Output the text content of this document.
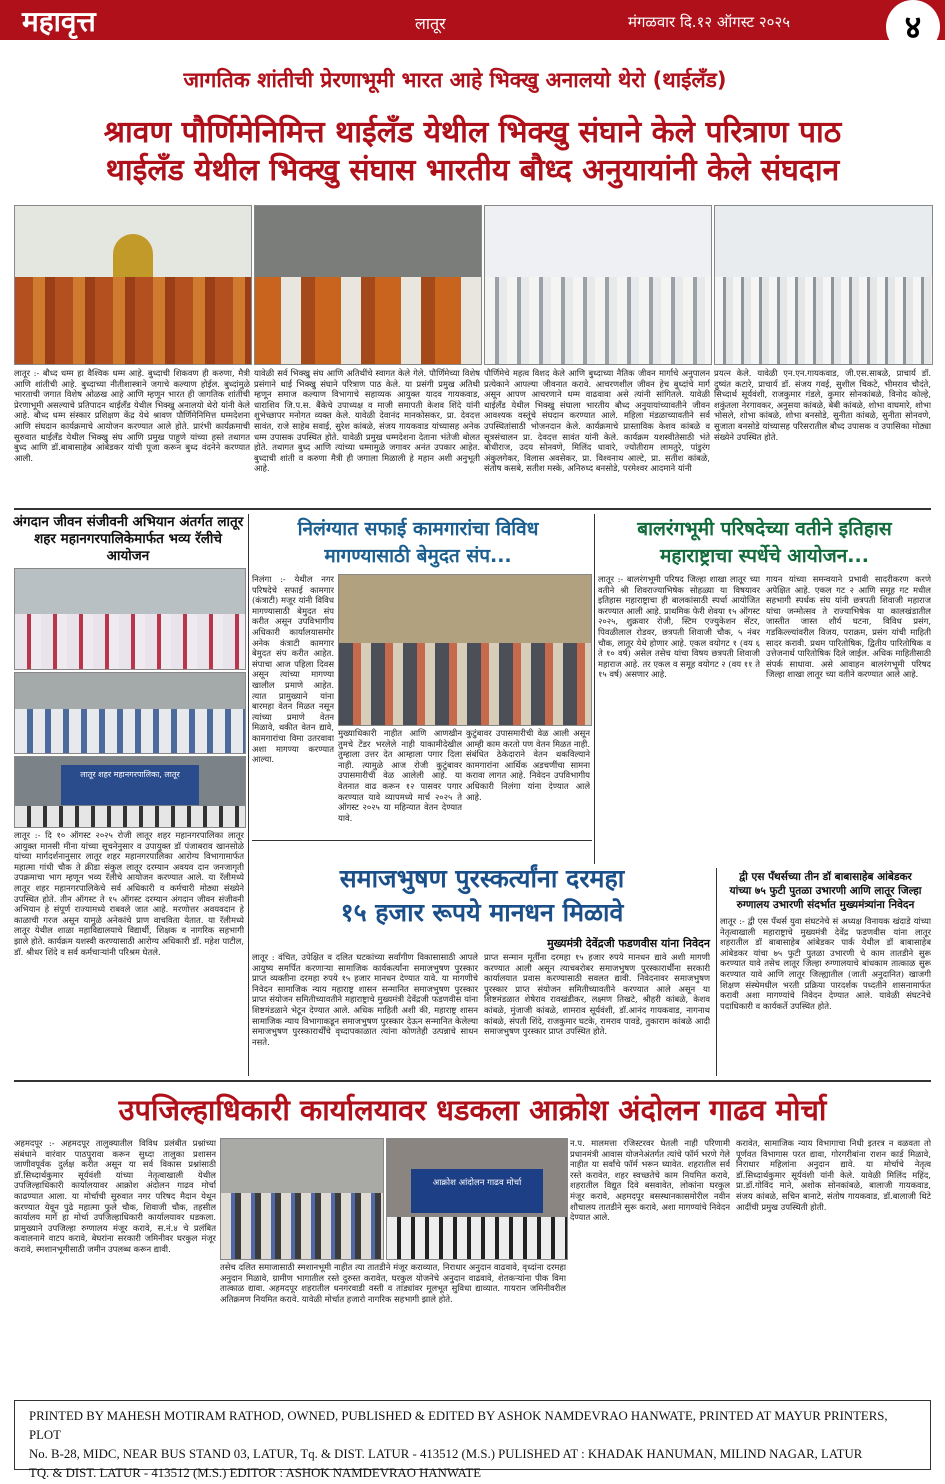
महावृत्त	लातूर	मंगळवार दि.१२ ऑगस्ट २०२५	४
जागतिक शांतीची प्रेरणाभूमी भारत आहे भिक्खु अनालयो थेरो (थाईलँड)
श्रावण पौर्णिमेनिमित्त थाईलँड येथील भिक्खु संघाने केले परित्राण पाठ
थाईलँड येथील भिक्खु संघास भारतीय बौध्द अनुयायांनी केले संघदान
लातूर :- बौध्द धम्म हा वैश्विक धम्म आहे. बुध्दाची शिकवण ही करुणा, मैत्री आणि शांतीची आहे. बुध्दाच्या नीतीशास्त्राने जगाचे कल्याण होईल. बुध्दांमुळे भारताची जगात विशेष ओळख आहे आणि म्हणून भारत ही जागतिक शांतीची प्रेरणाभूमी असल्याचे प्रतिपादन थाईलँड येथील भिक्खु अनालयो थेरो यांनी केले आहे. बौध्द धम्म संस्कार प्रशिक्षण केंद्र येथे श्रावण पौर्णिमेनिमित्त धम्मदेशना आणि संघदान कार्यक्रमाचे आयोजन करण्यात आले होते. प्रारंभी कार्यक्रमाची सुरुवात थाईलँड येथील भिक्खु संघ आणि प्रमुख पाहुणे यांच्या हस्ते तथागत बुध्द आणि डॉ.बाबासाहेब आंबेडकर यांची पूजा करून बुध्द वंदनेने करण्यात आली.
यावेळी सर्व भिक्खु संघ आणि अतिथींचे स्वागत केले गेले. पौर्णिमेच्या विशेष प्रसंगाने थाई भिक्खु संघाने परित्राण पाठ केले. या प्रसंगी प्रमुख अतिथी म्हणून समाज कल्याण विभागाचे सहाय्यक आयुक्त यादव गायकवाड, धाराशिव जि.प.स. बैंकेचे उपाध्यक्ष व माजी समापती केशव शिंदे यांनी शुभेच्छापर मनोगत व्यक्त केले. यावेळी देवानंद मानकोसकर, प्रा. देवदत्त सावंत, राजे साहेब सवाई, सुरेश कांबळे, संजय गायकवाड यांच्यासह अनेक धम्म उपासक उपस्थित होते. यावेळी प्रमुख धम्मदेशना देताना भंतेजी बोलत होते. तथागत बुध्द आणि त्यांच्या धम्मामुळे जगावर अनंत उपकार आहेत. बुध्दाची शांती व करुणा मैत्री ही जगाला मिळाली हे महान अशी अनुभूती आहे.
पौर्णिमेचे महत्व विशद केले आणि बुध्दाच्या नैतिक जीवन मार्गाचे अनुपालन प्रत्येकाने आपल्या जीवनात करावे. आचरणशील जीवन हेच बुध्दांचे मार्ग असून आपण आचरणाने धम्म वाढवावा असे त्यांनी सांगितले. यावेळी थाईलँड येथील भिक्खु संघाला भारतीय बौध्द अनुयायांच्यावतीने जीवन आवश्यक वस्तूंचे संघदान करण्यात आले. महिला मंडळाच्यावतीने सर्व उपस्थितांसाठी भोजनदान केले. कार्यक्रमाचे प्रास्ताविक केशव कांबळे व सूत्रसंचालन प्रा. देवदत्त सावंत यांनी केले. कार्यक्रम यशस्वीतेसाठी भंते बोधीराज, उदय सोनवणे, मिलिंद धावारे, ज्योतीराम लामतुरे, पांडुरंग अंकुलगेकर, विलास अवसेकर, प्रा. विश्वनाथ आल्टे, प्रा. सतीश कांबळे, संतोष कसबे, सतीश मस्के, अनिरुध्द बनसोडे, परमेश्वर आदमाने यांनी
प्रयत्न केले. यावेळी एन.एन.गायकवाड, जी.एस.साबळे, प्राचार्य डॉ. दुष्यंत कटारे, प्राचार्य डॉ. संजय गवई, सुशील चिकटे, भीमराव चौदंते, सिध्दार्थ सूर्यवंशी, राजकुमार गंडले, कुमार सोनकांबळे, विनोद कोल्हे, शकुंतला नेरगावकर, अनुसया कांबळे, बेबी कांबळे, शोभा वाघमारे, शोभा भोसले, शोभा कांबळे, शोभा बनसोडे, सुनीता कांबळे, सुनीता सोनवणे, सुजाता बनसोडे यांच्यासह परिसरातील बौध्द उपासक व उपासिका मोठ्या संख्येने उपस्थित होते.
अंगदान जीवन संजीवनी अभियान अंतर्गत लातूर शहर महानगरपालिकेमार्फत भव्य रॅलीचे आयोजन
लातूर शहर महानगरपालिका, लातूर
लातूर :- दि १० ऑगस्ट २०२५ रोजी लातूर शहर महानगरपालिका लातूर आयुक्त मानसी मीना यांच्या सूचनेनुसार व उपायुक्त डॉ पंजाबराव खानसोळे यांच्या मार्गदर्शनानुसार लातूर शहर महानगरपालिका आरोग्य विभागामार्फत महात्मा गांधी चौक ते क्रीडा संकुल लातूर दरम्यान अवयव दान जनजागृती उपक्रमाचा भाग म्हणून भव्य रॅलीचे आयोजन करण्यात आले. या रॅलीमध्ये लातूर शहर महानगरपालिकेचे सर्व अधिकारी व कर्मचारी मोठ्या संख्येने उपस्थित होते. तीन ऑगस्ट ते १५ ऑगस्ट दरम्यान अंगदान जीवन संजीवनी अभियान हे संपूर्ण राज्यामध्ये राबवले जात आहे. मरणोत्तर अवयवदान हे काळाची गरज असून यामुळे अनेकांचे प्राण वाचविता येतात. या रॅलीमध्ये लातूर येथील शाळा महाविद्यालयाचे विद्यार्थी, शिक्षक व नागरिक सहभागी झाले होते. कार्यक्रम यशस्वी करण्यासाठी आरोग्य अधिकारी डॉ. महेश पाटील, डॉ. श्रीधर शिंदे व सर्व कर्मचाऱ्यांनी परिश्रम घेतले.
निलंग्यात सफाई कामगारांचा विविध मागण्यासाठी बेमुदत संप...
निलंगा :- येथील नगर परिषदेचे सफाई कामगार (कंत्राटी) मजूर यांनी विविध मागण्यासाठी बेमुदत संप करीत असून उपविभागीय अधिकारी कार्यालयासमोर अनेक कंत्राटी कामगार बेमुदत संप करीत आहेत. संपाचा आज पहिला दिवस असून त्यांच्या मागण्या खालील प्रमाणे आहेत. त्यात प्रामुख्याने यांना बारमहा वेतन मिळत नसून त्यांच्या प्रमाणे वेतन मिळावे, थकीत वेतन द्यावे, कामगारांचा विमा उतरवावा अशा मागण्या करण्यात आल्या.
मुख्याधिकारी नाहीत आणि आणखीन तुमचे टेंडर भरलेले नाही याकामीदेखील तुम्हाला उत्तर देत आम्हाला पगार दिला नाही. त्यामुळे आज रोजी कुटुंबावर उपासमारीची वेळ आलेली आहे. या वेतनात वाढ करून १२ पासवर पगार करण्यात यावे व्यापमध्ये मार्च २०२५ ते ऑगस्ट २०२५ या महिन्यात वेतन देण्यात यावे.
कुटुंबावर उपासमारीची वेळ आली असून आम्ही काम करतो पण वेतन मिळत नाही. संबंधित ठेकेदाराने वेतन थकविल्याने कामगारांना आर्थिक अडचणींचा सामना करावा लागत आहे. निवेदन उपविभागीय अधिकारी निलंगा यांना देण्यात आले आहे.
बालरंगभूमी परिषदेच्या वतीने इतिहास महाराष्ट्राचा स्पर्धेचे आयोजन...
लातूर :- बालरंगभूमी परिषद जिल्हा शाखा लातूर च्या वतीने श्री शिवराज्याभिषेक सोहळ्या या विषयावर इतिहास महाराष्ट्राचा ही बालकांसाठी स्पर्धा आयोजित करण्यात आली आहे. प्राथमिक फेरी शेवया १५ ऑगस्ट २०२५, शुक्रवार रोजी, स्टिम एज्युकेशन सेंटर, पिवळीलाल रोडवर, छत्रपती शिवाजी चौक, ५ नंबर चौक, लातूर येथे होणार आहे. एकल वयोगट १ (वय ६ ते १० वर्ष) असेल तसेच यांचा विषय छत्रपती शिवाजी महाराज आहे. तर एकल व समूह वयोगट २ (वय ११ ते १५ वर्ष) असणार आहे.
गायन यांच्या समन्वयाने प्रभावी सादरीकरण करणे अपेक्षित आहे. एकल गट २ आणि समूह गट मधील सहभागी स्पर्धक संघ यांनी छत्रपती शिवाजी महाराज यांचा जन्मोत्सव ते राज्याभिषेक या कालखंडातील जास्तीत जास्त शौर्य घटना, विविध प्रसंग, गडकिल्ल्यांवरील विजय, पराक्रम, प्रसंग यांची माहिती सादर करावी. प्रथम पारितोषिक, द्वितीय पारितोषिक व उत्तेजनार्थ पारितोषिक दिले जाईल. अधिक माहितीसाठी संपर्क साधावा. असे आवाहन बालरंगभूमी परिषद जिल्हा शाखा लातूर च्या वतीने करण्यात आले आहे.
समाजभुषण पुरस्कर्त्यांना दरमहा
१५ हजार रूपये मानधन मिळावे
मुख्यमंत्री देवेंद्रजी फडणवीस यांना निवेदन
लातूर : वंचित, उपेक्षित व दलित घटकांच्या सर्वांगीण विकासासाठी आपले आयुष्य समर्पित करणाऱ्या सामाजिक कार्यकर्त्यांना समाजभुषण पुरस्कार प्राप्त व्यक्तीना दरमहा रुपये १५ हजार मानधन देण्यात यावे. या मागणीचे निवेदन सामाजिक न्याय महाराष्ट्र शासन सन्मानित समाजभुषण पुरस्कार प्राप्त संयोजन समितीच्यावतीने महाराष्ट्राचे मुख्यमंत्री देवेंद्रजी फडणवीस यांना शिष्टमंडळाने भेटून देण्यात आले. अधिक माहिती अशी की, महाराष्ट्र शासन सामाजिक न्याय विभागाकडून समाजभुषण पुरस्कार देऊन सन्मानित केलेल्या समाजभुषण पुरस्कारार्थींचे वृध्दापकाळात त्यांना कोणतेही उत्पन्नाचे साधन नसते.
प्राप्त सन्मान मूर्तींना दरमहा १५ हजार रुपये मानधन द्यावे अशी मागणी करण्यात आली असून त्याचबरोबर समाजभुषण पुरस्कारार्थींना सरकारी कार्यालयात प्रवास करण्यासाठी सवलत द्यावी. निवेदनावर समाजभुषण पुरस्कार प्राप्त संयोजन समितीच्यावतीने करण्यात आले असून या शिष्टमंडळात शेषेराव रावखंडीकर, लक्ष्मण तिखटे, श्रीहरी कांबळे, केशव कांबळे, मुंजाजी कांबळे, शामराव सूर्यवंशी, डॉ.आनंद गायकवाड, नागनाथ कांबळे, संपती शिंदे, राजकुमार घटके, रामराव पावडे, तुकाराम कांबळे आदी समाजभुषण पुरस्कार प्राप्त उपस्थित होते.
द्वी एस पँथर्सच्या तीन डॉ बाबासाहेब आंबेडकर
यांच्या ७५ फुटी पुतळा उभारणी आणि लातूर जिल्हा
रुग्णालय उभारणी संदर्भात मुख्यमंत्र्यांना निवेदन
लातूर :- द्वी एस पँथर्स युवा संघटनेचे सं अध्यक्ष विनायक खंदाडे यांच्या नेतृत्वाखाली महाराष्ट्राचे मुख्यमंत्री देवेंद्र फडणवीस यांना लातूर शहरातील डॉ बाबासाहेब आंबेडकर पार्क येथील डॉ बाबासाहेब आंबेडकर यांचा ७५ फुटी पुतळा उभारणी चे काम तातडीने सुरू करण्यात यावे तसेच लातूर जिल्हा रुग्णालयाचे बांधकाम तात्काळ सुरू करण्यात यावे आणि लातूर जिल्ह्यातील (जाती अनुदानित) खाजगी शिक्षण संस्थेमधील भरती प्रक्रिया पारदर्शक पध्दतीने शासनामार्फत करावी अशा मागण्यांचे निवेदन देण्यात आले. यावेळी संघटनेचे पदाधिकारी व कार्यकर्ते उपस्थित होते.
उपजिल्हाधिकारी कार्यालयावर धडकला आक्रोश अंदोलन गाढव मोर्चा
अहमदपूर :- अहमदपूर तालुक्यातील विविध प्रलंबीत प्रश्नांच्या संबंधाने वारंवार पाठपुरावा करून सुध्दा तालुका प्रशासन जाणीवपूर्वक दुर्लक्ष करीत असून या सर्व विकास प्रश्नांसाठी डॉ.सिध्दार्थकुमार सूर्यवंशी यांच्या नेतृत्वाखाली येथील उपजिल्हाधिकारी कार्यालयावर आक्रोश अंदोलन गाढव मोर्चा काढण्यात आला. या मोर्चाची सुरुवात नगर परिषद मैदान येथून करण्यात येवून पुढे महात्मा फुले चौक, शिवाजी चौक, तहसील कार्यालय मार्गे हा मोर्चा उपजिल्हाधिकारी कार्यालयावर धडकला. प्रामुख्याने उपजिल्हा रुग्णालय मंजूर करावे, स.नं.४ चे प्रलंबित कवालनामे वाटप करावे, बेघरांना सरकारी जमिनीवर घरकुल मंजूर करावे, स्मशानभूमीसाठी जमीन उपलब्ध करून द्यावी.
आक्रोश आंदोलन गाढव मोर्चा
तसेच दलित समाजासाठी स्मशानभूमी नाहीत त्या तातडीने मंजूर कराव्यात, निराधार अनुदान वाढवावे, वृध्दांना दरमहा अनुदान मिळावे, ग्रामीण भागातील रस्ते दुरुस्त करावेत, घरकुल योजनेचे अनुदान वाढवावे, शेतकऱ्यांना पीक विमा तात्काळ द्यावा. अहमदपूर शहरातील धनगरवाडी वस्ती व तांड्यांवर मूलभूत सुविधा द्याव्यात. गायरान जमिनीवरील अतिक्रमण नियमित करावे. यावेळी मोर्चात हजारो नागरिक सहभागी झाले होते.
न.प. मालमत्ता रजिस्टरवर घेतली नाही परिणामी प्रधानमंत्री आवास योजनेअंतर्गत त्यांचे फॉर्म भरणे गेले नाहीत या सर्वांचे फॉर्म भरून घ्यावेत. शहरातील सर्व रस्ते करावेत, शहर स्वच्छतेचे काम नियमित करावे, शहरातील विद्युत दिवे बसवावेत, लोकांना घरकुल मंजूर करावे, अहमदपूर बसस्थानकासमोरील नवीन शौचालय तातडीने सुरू करावे, अशा मागण्यांचे निवेदन देण्यात आले.
करावेत, सामाजिक न्याय विभागाचा निधी इतरत्र न वळवता तो पूर्णवत विभागास परत द्यावा, गोरगरीबांना राशन कार्ड मिळावे, निराधार महिलांना अनुदान द्यावे. या मोर्चाचे नेतृत्व डॉ.सिध्दार्थकुमार सूर्यवंशी यांनी केले. यावेळी मिलिंद महिंद, प्रा.डॉ.गोविंद माने, अशोक सोनकांबळे, बालाजी गायकवाड, संजय कांबळे, सचिन बानाटे, संतोष गायकवाड, डॉ.बालाजी थिटे आदींची प्रमुख उपस्थिती होती.
PRINTED BY MAHESH MOTIRAM RATHOD, OWNED, PUBLISHED & EDITED BY ASHOK NAMDEVRAO HANWATE, PRINTED AT MAYUR PRINTERS, PLOT
No. B-28, MIDC, NEAR BUS STAND 03, LATUR, Tq. & DIST. LATUR - 413512 (M.S.) PULISHED AT : KHADAK HANUMAN, MILIND NAGAR, LATUR
TQ. & DIST. LATUR - 413512 (M.S.) EDITOR : ASHOK NAMDEVRAO HANWATE
